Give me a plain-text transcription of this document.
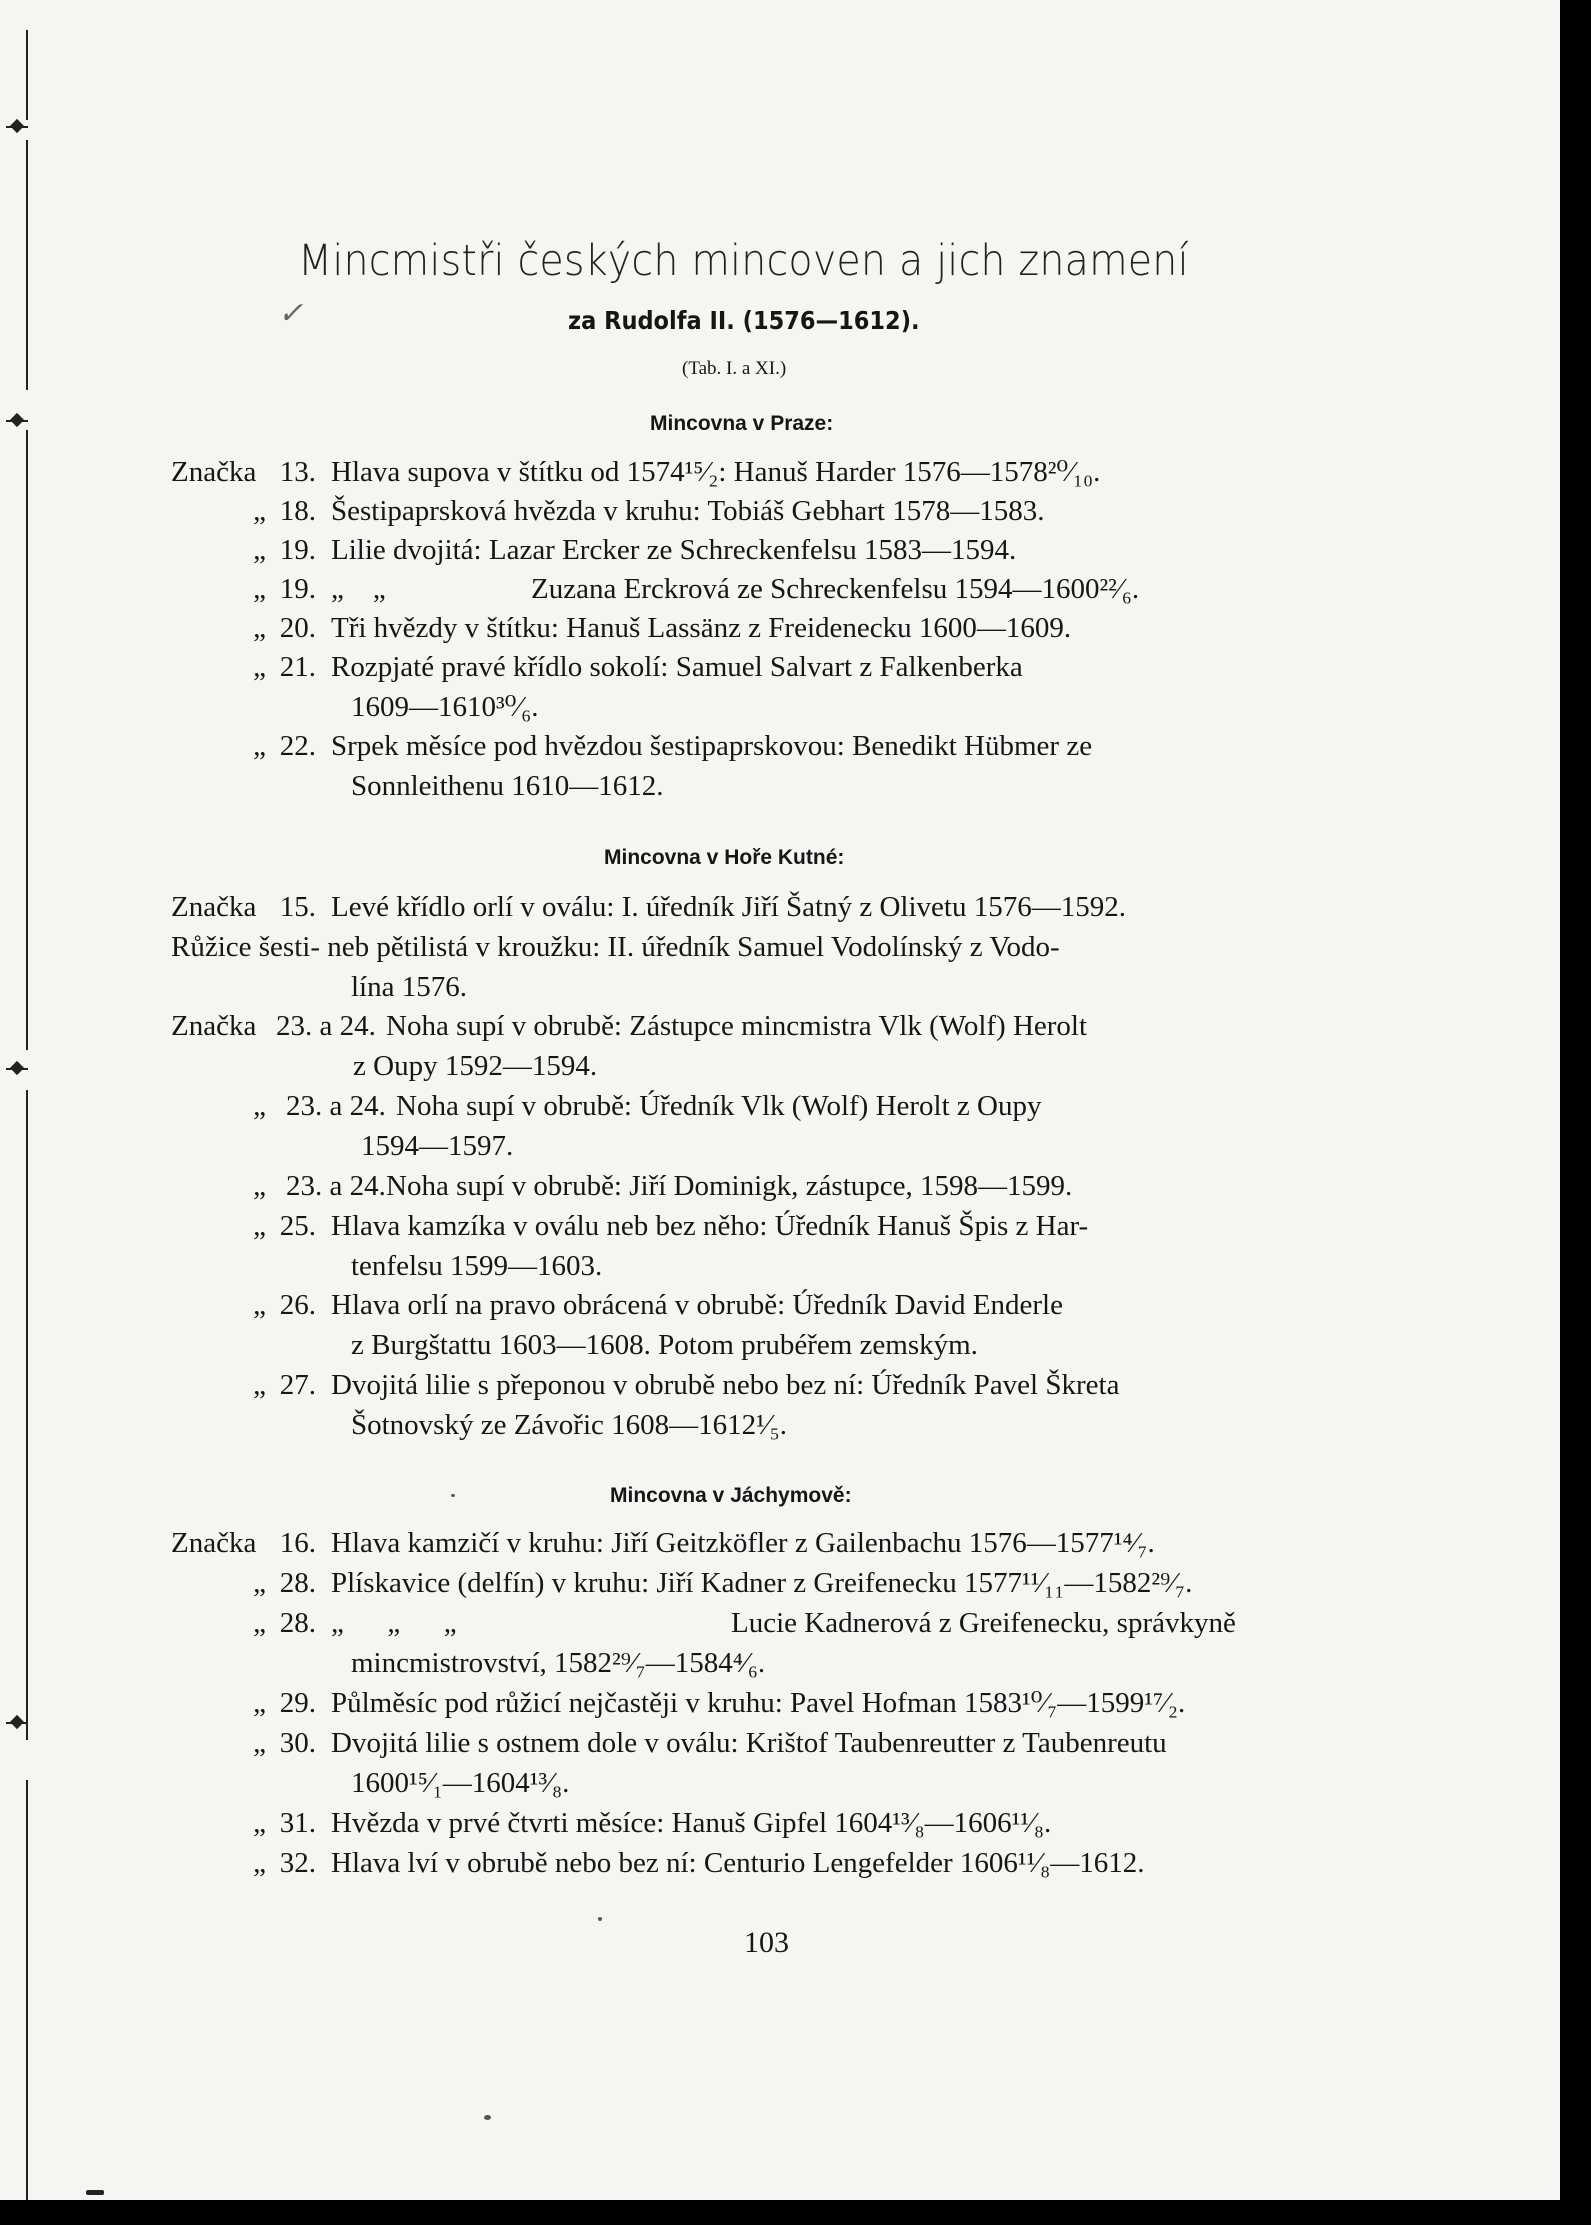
✓
Mincmistři českých mincoven a jich znamení
za Rudolfa II. (1576—1612).
(Tab. I. a XI.)
Mincovna v Praze:
Značka 13. Hlava supova v štítku od 1574¹⁵⁄₂: Hanuš Harder 1576—1578²⁰⁄₁₀.
„ 18. Šestipaprsková hvězda v kruhu: Tobiáš Gebhart 1578—1583.
„ 19. Lilie dvojitá: Lazar Ercker ze Schreckenfelsu 1583—1594.
„ 19. „    „	Zuzana Erckrová ze Schreckenfelsu 1594—1600²²⁄₆.
„ 20. Tři hvězdy v štítku: Hanuš Lassänz z Freidenecku 1600—1609.
„ 21. Rozpjaté pravé křídlo sokolí: Samuel Salvart z Falkenberka
1609—1610³⁰⁄₆.
„ 22. Srpek měsíce pod hvězdou šestipaprskovou: Benedikt Hübmer ze
Sonnleithenu 1610—1612.
Mincovna v Hoře Kutné:
Značka 15. Levé křídlo orlí v oválu: I. úředník Jiří Šatný z Olivetu 1576—1592.
Růžice šesti- neb pětilistá v kroužku: II. úředník Samuel Vodolínský z Vodo-
línа 1576.
Značka 23. a 24. Noha supí v obrubě: Zástupce mincmistra Vlk (Wolf) Herolt
z Oupy 1592—1594.
„ 23. a 24. Noha supí v obrubě: Úředník Vlk (Wolf) Herolt z Oupy
1594—1597.
„ 23. a 24.Noha supí v obrubě: Jiří Dominigk, zástupce, 1598—1599.
„ 25. Hlava kamzíka v oválu neb bez něho: Úředník Hanuš Špis z Har-
tenfelsu 1599—1603.
„ 26. Hlava orlí na pravo obrácená v obrubě: Úředník David Enderle
z Burgštattu 1603—1608. Potom prubéřem zemským.
„ 27. Dvojitá lilie s přeponou v obrubě nebo bez ní: Úředník Pavel Škreta
Šotnovský ze Závořic 1608—1612¹⁄₅.
Mincovna v Jáchymově:
Značka 16. Hlava kamzičí v kruhu: Jiří Geitzköfler z Gailenbachu 1576—1577¹⁴⁄₇.
„ 28. Plískavice (delfín) v kruhu: Jiří Kadner z Greifenecku 1577¹¹⁄₁₁—1582²⁹⁄₇.
„ 28. „      „      „	Lucie Kadnerová z Greifenecku, správkyně
mincmistrovství, 1582²⁹⁄₇—1584⁴⁄₆.
„ 29. Půlměsíc pod růžicí nejčastěji v kruhu: Pavel Hofman 1583¹⁰⁄₇—1599¹⁷⁄₂.
„ 30. Dvojitá lilie s ostnem dole v oválu: Krištof Taubenreutter z Taubenreutu
1600¹⁵⁄₁—1604¹³⁄₈.
„ 31. Hvězda v prvé čtvrti měsíce: Hanuš Gipfel 1604¹³⁄₈—1606¹¹⁄₈.
„ 32. Hlava lví v obrubě nebo bez ní: Centurio Lengefelder 1606¹¹⁄₈—1612.
103
